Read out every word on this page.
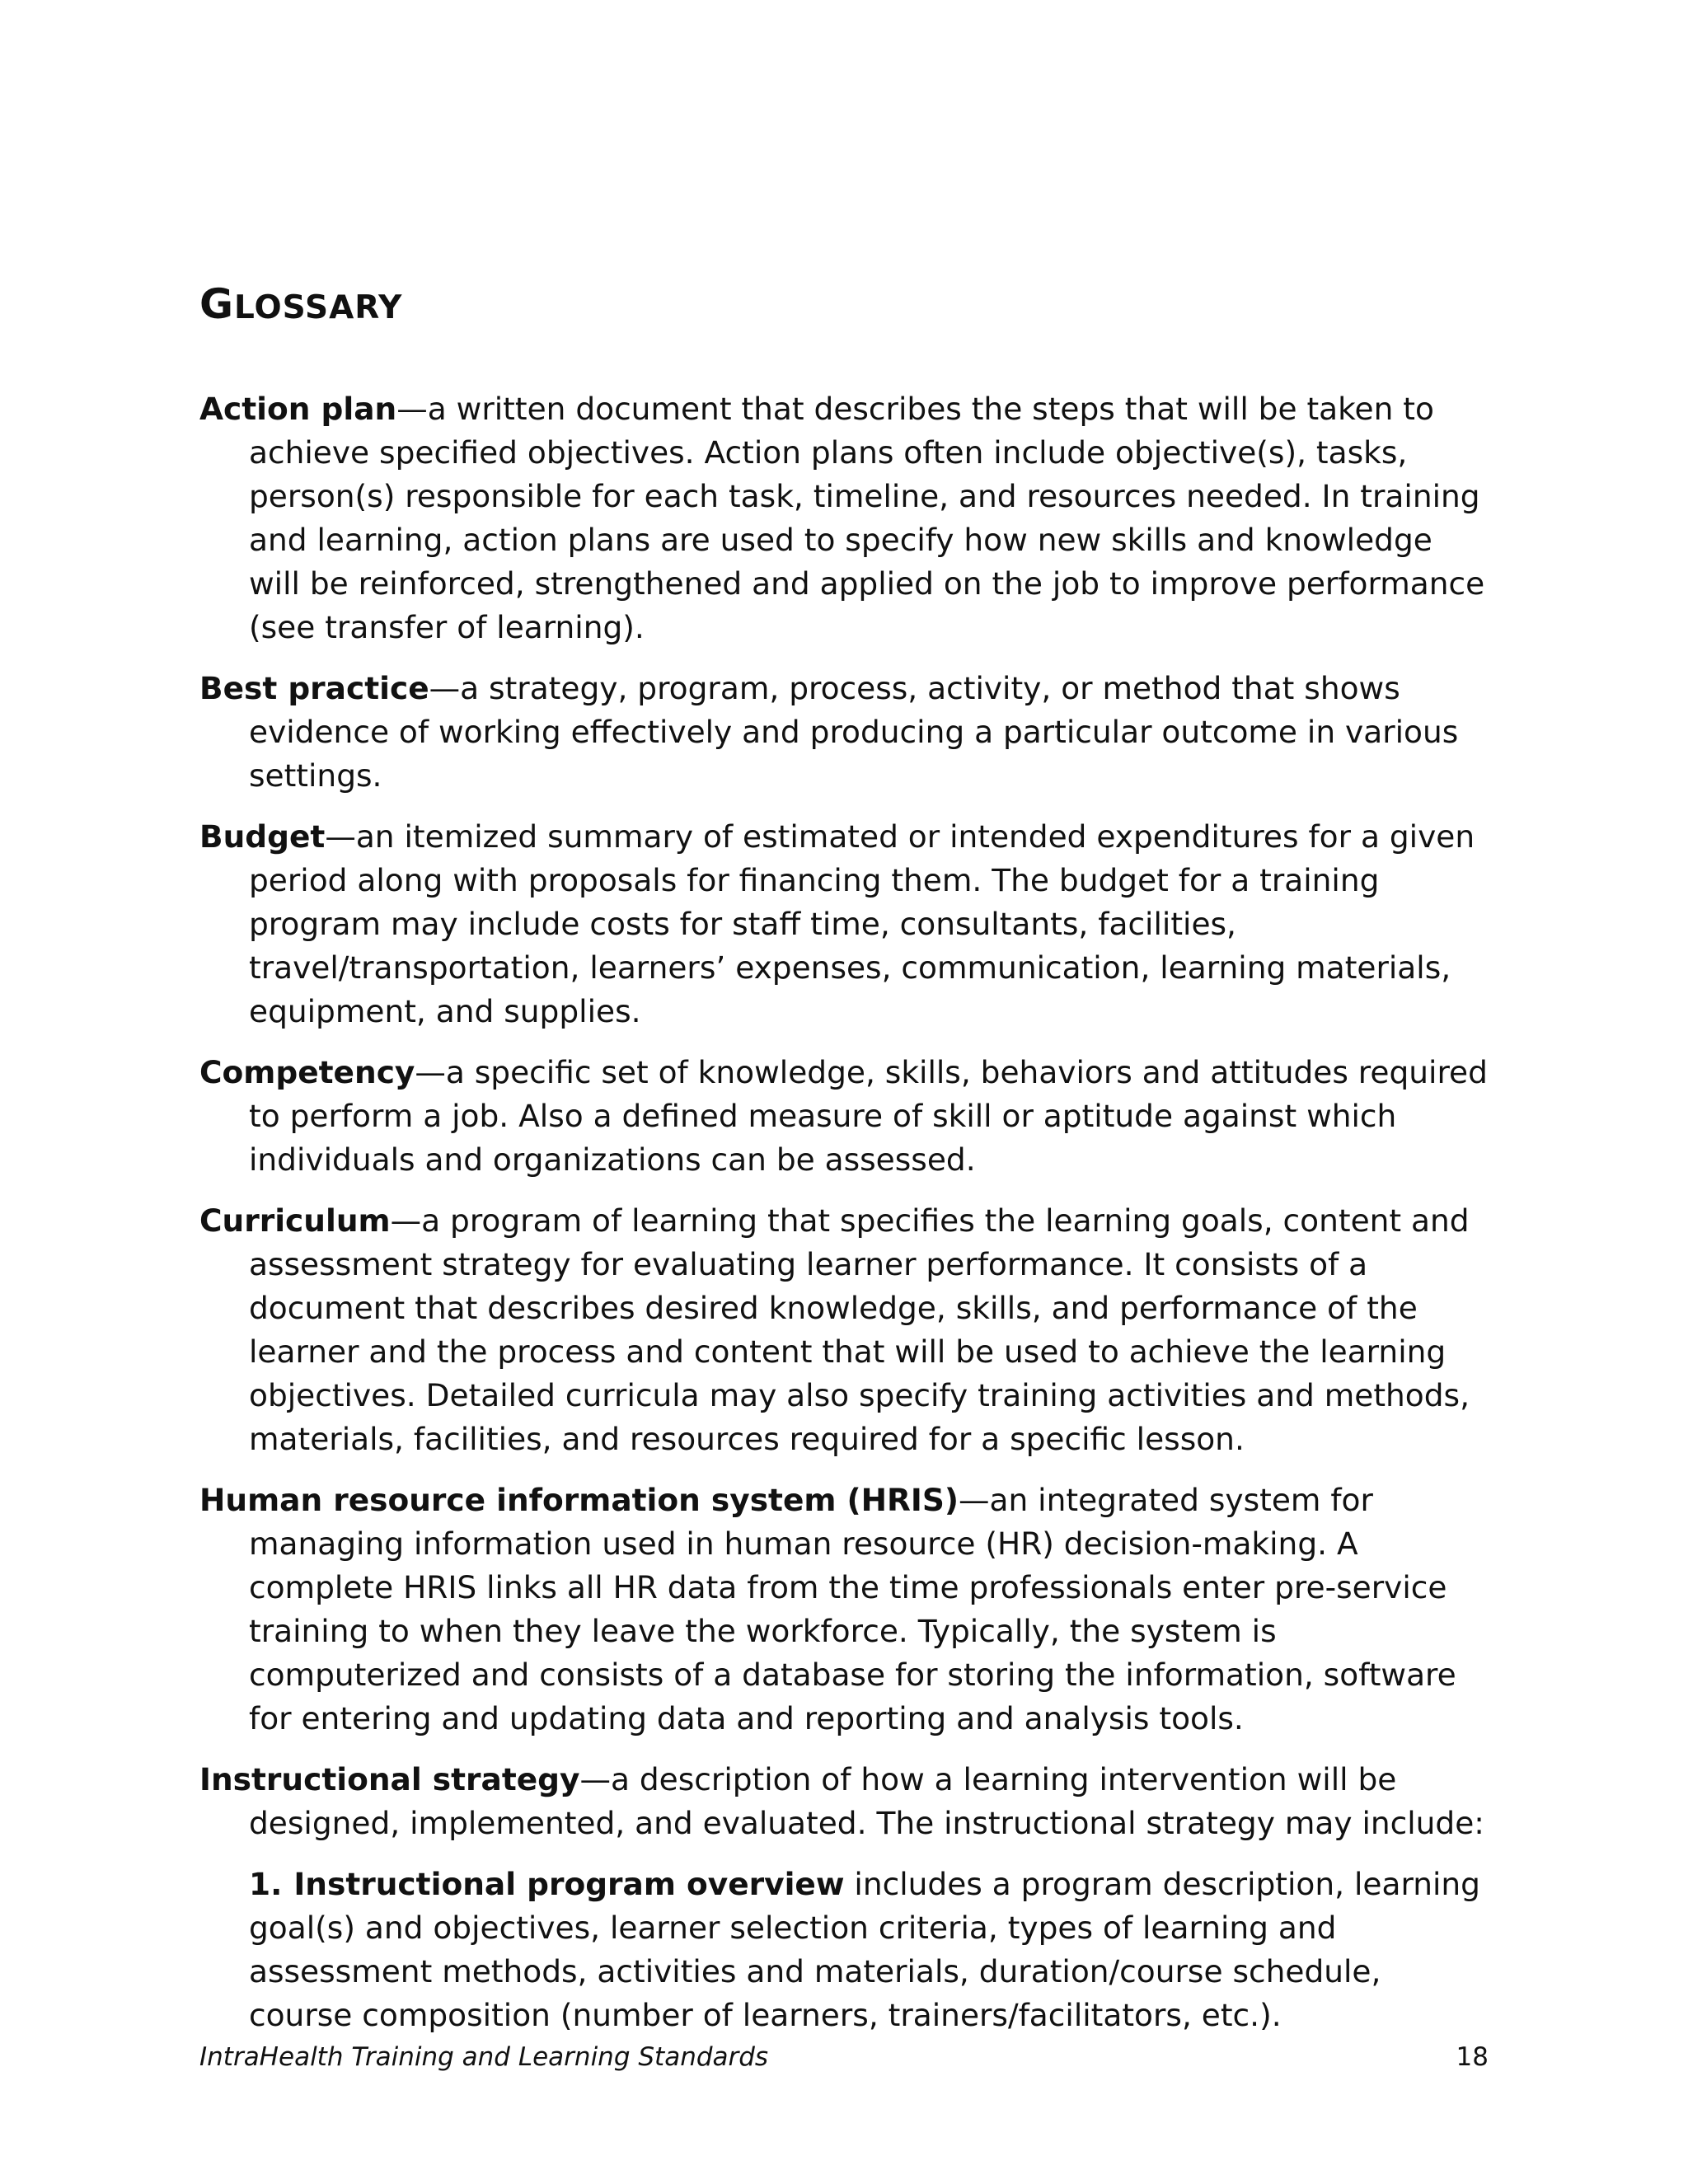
GLOSSARY

Action plan—a written document that describes the steps that will be taken to achieve specified objectives. Action plans often include objective(s), tasks, person(s) responsible for each task, timeline, and resources needed. In training and learning, action plans are used to specify how new skills and knowledge will be reinforced, strengthened and applied on the job to improve performance (see transfer of learning).

Best practice—a strategy, program, process, activity, or method that shows evidence of working effectively and producing a particular outcome in various settings.

Budget—an itemized summary of estimated or intended expenditures for a given period along with proposals for financing them. The budget for a training program may include costs for staff time, consultants, facilities, travel/transportation, learners’ expenses, communication, learning materials, equipment, and supplies.

Competency—a specific set of knowledge, skills, behaviors and attitudes required to perform a job. Also a defined measure of skill or aptitude against which individuals and organizations can be assessed.

Curriculum—a program of learning that specifies the learning goals, content and assessment strategy for evaluating learner performance. It consists of a document that describes desired knowledge, skills, and performance of the learner and the process and content that will be used to achieve the learning objectives. Detailed curricula may also specify training activities and methods, materials, facilities, and resources required for a specific lesson.

Human resource information system (HRIS)—an integrated system for managing information used in human resource (HR) decision-making. A complete HRIS links all HR data from the time professionals enter pre-service training to when they leave the workforce. Typically, the system is computerized and consists of a database for storing the information, software for entering and updating data and reporting and analysis tools.

Instructional strategy—a description of how a learning intervention will be designed, implemented, and evaluated. The instructional strategy may include:

1. Instructional program overview includes a program description, learning goal(s) and objectives, learner selection criteria, types of learning and assessment methods, activities and materials, duration/course schedule, course composition (number of learners, trainers/facilitators, etc.).

IntraHealth Training and Learning Standards	18
